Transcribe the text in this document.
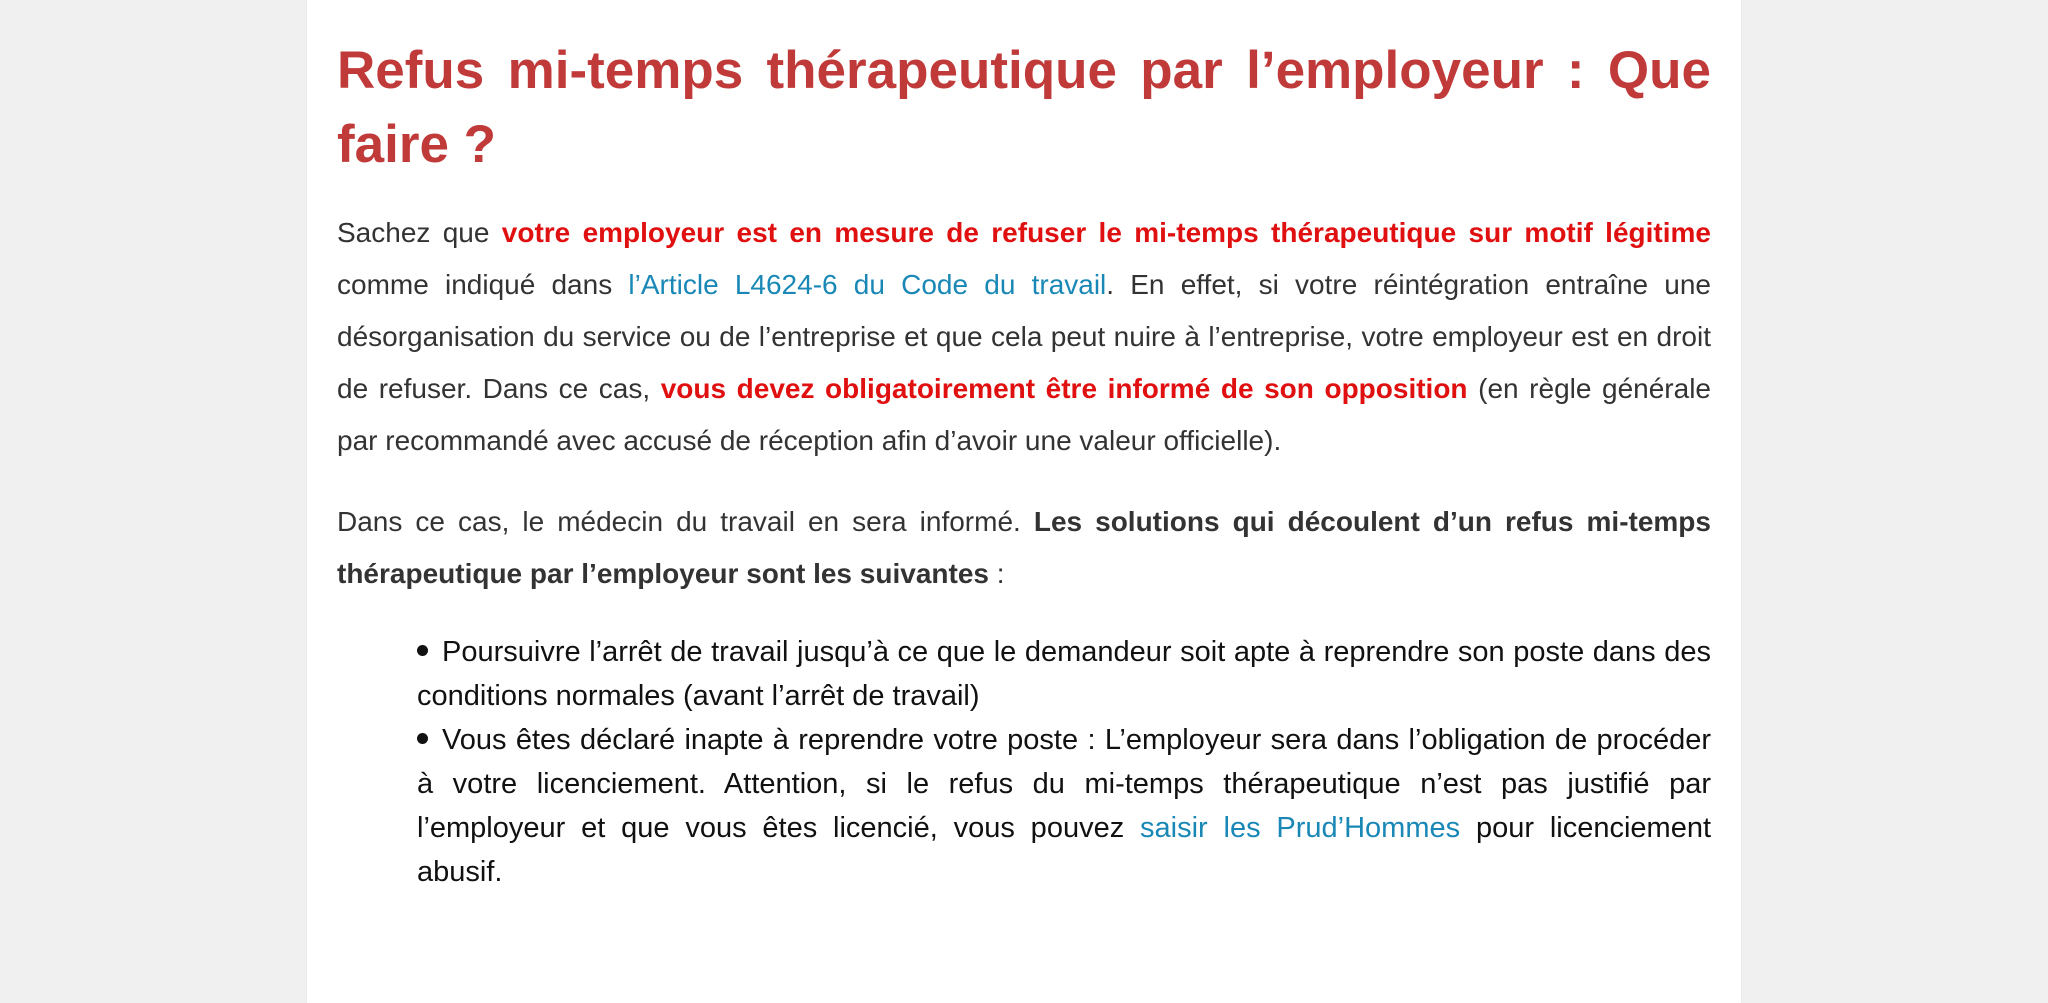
Refus mi-temps thérapeutique par l’employeur : Que faire ?

Sachez que votre employeur est en mesure de refuser le mi-temps thérapeutique sur motif légitime comme indiqué dans l’Article L4624-6 du Code du travail. En effet, si votre réintégration entraîne une désorganisation du service ou de l’entreprise et que cela peut nuire à l’entreprise, votre employeur est en droit de refuser. Dans ce cas, vous devez obligatoirement être informé de son opposition (en règle générale par recommandé avec accusé de réception afin d’avoir une valeur officielle).

Dans ce cas, le médecin du travail en sera informé. Les solutions qui découlent d’un refus mi-temps thérapeutique par l’employeur sont les suivantes :

Poursuivre l’arrêt de travail jusqu’à ce que le demandeur soit apte à reprendre son poste dans des conditions normales (avant l’arrêt de travail)
Vous êtes déclaré inapte à reprendre votre poste : L’employeur sera dans l’obligation de procéder à votre licenciement. Attention, si le refus du mi-temps thérapeutique n’est pas justifié par l’employeur et que vous êtes licencié, vous pouvez saisir les Prud’Hommes pour licenciement abusif.
